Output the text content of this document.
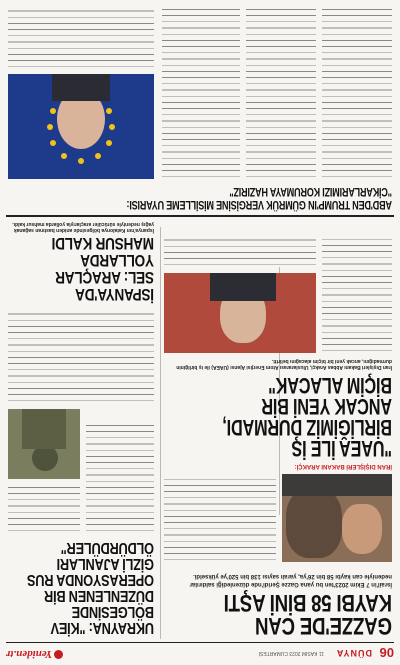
06
DÜNYA
11 KASIM 2023 CUMARTESİ
Yeniden.tr
GAZZE'DE CAN
KAYBI 58 BİNİ AŞTI
İsrail'in 7 Ekim 2023'ten bu yana Gazze Şeridi'nde düzenlediği saldırılar nedeniyle can kaybı 58 bin 26'ya, yaralı sayısı 138 bin 520'ye yükseldi.
UKRAYNA: "KİEV
BÖLGESİNDE
DÜZENLENEN BİR
OPERASYONDA RUS
GİZLİ AJANLARI
ÖLDÜRDÜLER"
İRAN DIŞİŞLERİ BAKANI ARAKÇİ:
"UAEA İLE İŞ
BİRLİĞİMİZ DURMADI,
ANCAK YENİ BİR
BİÇİM ALACAK"
İran Dışişleri Bakanı Abbas Arakçi, Uluslararası Atom Enerjisi Ajansı (UAEA) ile iş birliğinin durmadığını, ancak yeni bir biçim alacağını belirtti.
İSPANYA'DA
SEL: ARAÇLAR
YOLLARDA
MAHSUR KALDI
İspanya'nın Katalonya bölgesinde aniden bastıran sağanak yağış nedeniyle sürücüler araçlarıyla yollarda mahsur kaldı.
ABD'DEN TRUMP'IN GÜMRÜK VERGİSİNE MİSİLLEME UYARISI:
"CİKARLARIMIZI KORUMAYA HAZIRIZ"
